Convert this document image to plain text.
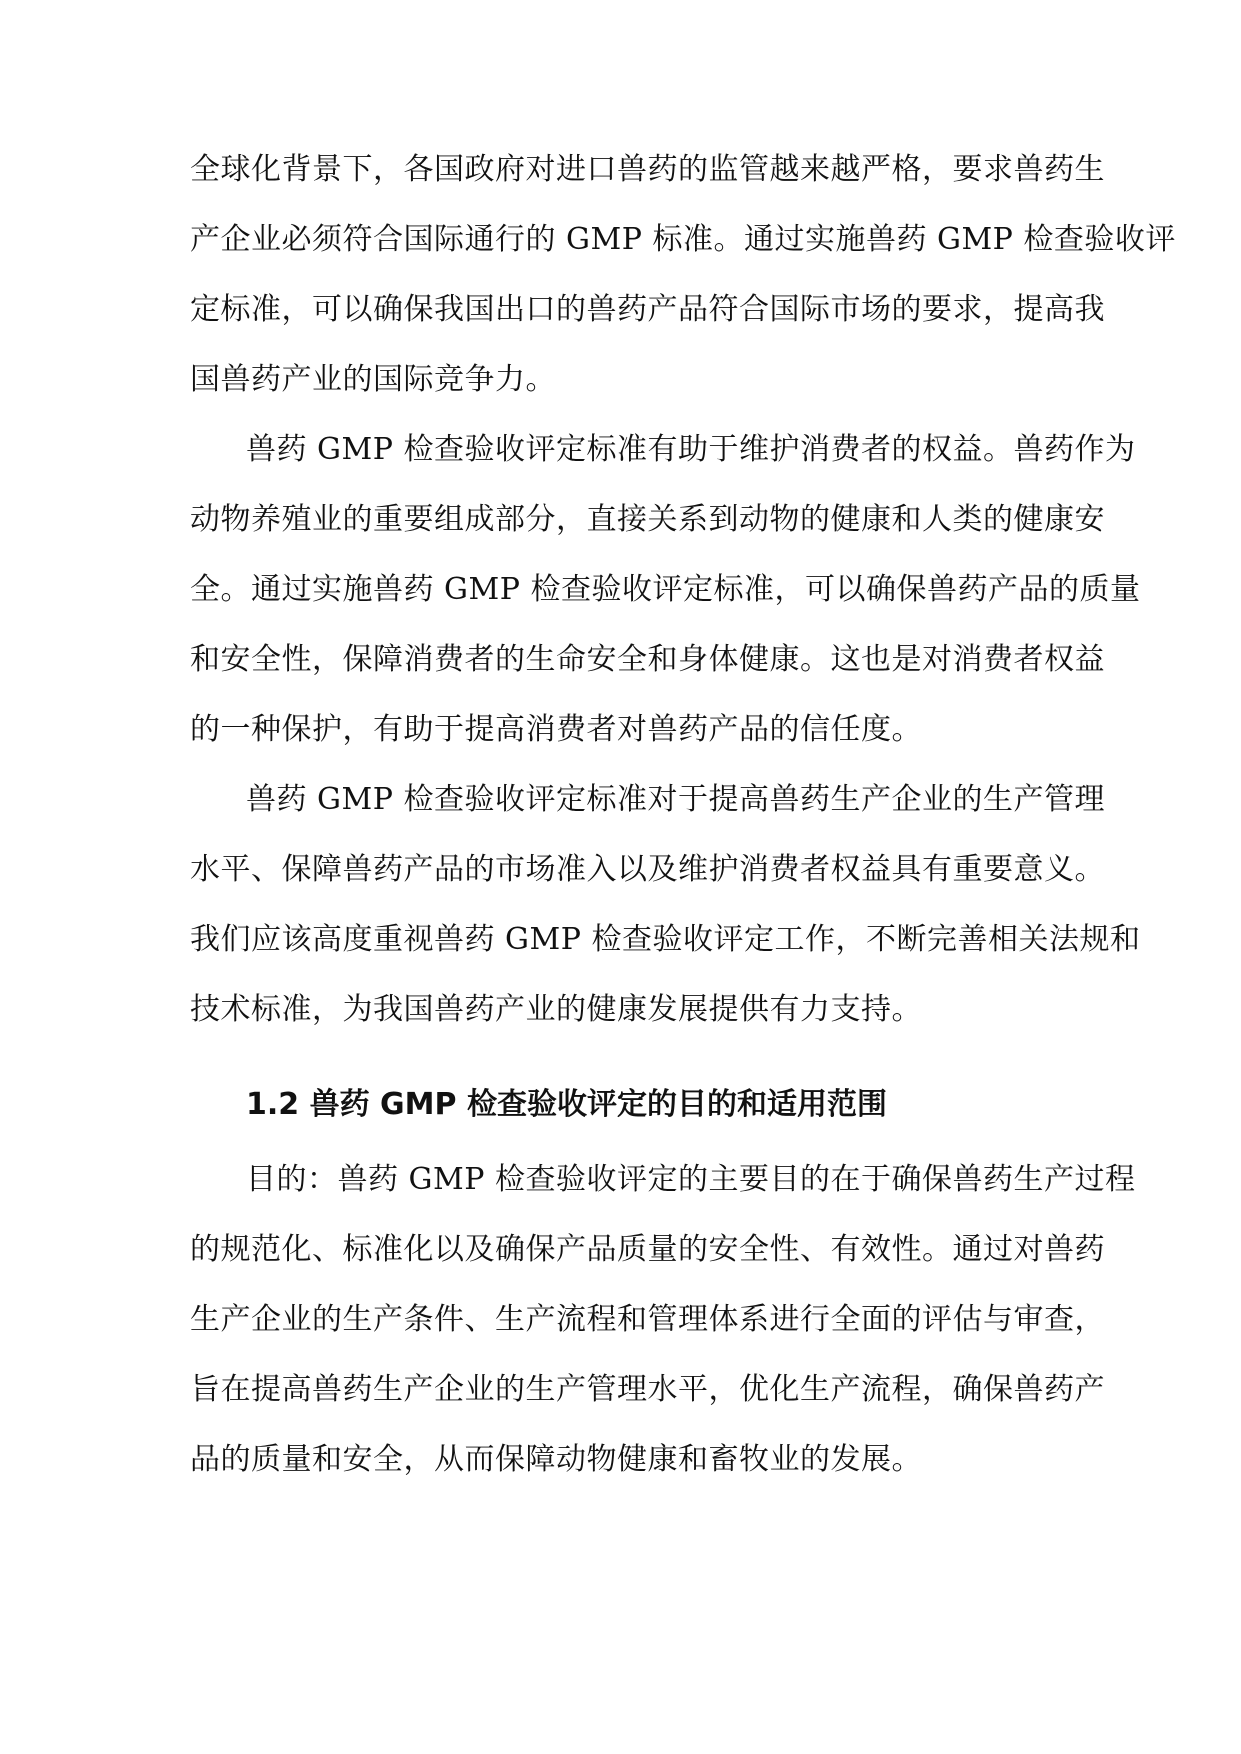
全球化背景下，各国政府对进口兽药的监管越来越严格，要求兽药生
产企业必须符合国际通行的 GMP 标准。通过实施兽药 GMP 检查验收评
定标准，可以确保我国出口的兽药产品符合国际市场的要求，提高我
国兽药产业的国际竞争力。
兽药 GMP 检查验收评定标准有助于维护消费者的权益。兽药作为
动物养殖业的重要组成部分，直接关系到动物的健康和人类的健康安
全。通过实施兽药 GMP 检查验收评定标准，可以确保兽药产品的质量
和安全性，保障消费者的生命安全和身体健康。这也是对消费者权益
的一种保护，有助于提高消费者对兽药产品的信任度。
兽药 GMP 检查验收评定标准对于提高兽药生产企业的生产管理
水平、保障兽药产品的市场准入以及维护消费者权益具有重要意义。
我们应该高度重视兽药 GMP 检查验收评定工作，不断完善相关法规和
技术标准，为我国兽药产业的健康发展提供有力支持。
1.2 兽药 GMP 检查验收评定的目的和适用范围
目的：兽药 GMP 检查验收评定的主要目的在于确保兽药生产过程
的规范化、标准化以及确保产品质量的安全性、有效性。通过对兽药
生产企业的生产条件、生产流程和管理体系进行全面的评估与审查，
旨在提高兽药生产企业的生产管理水平，优化生产流程，确保兽药产
品的质量和安全，从而保障动物健康和畜牧业的发展。
